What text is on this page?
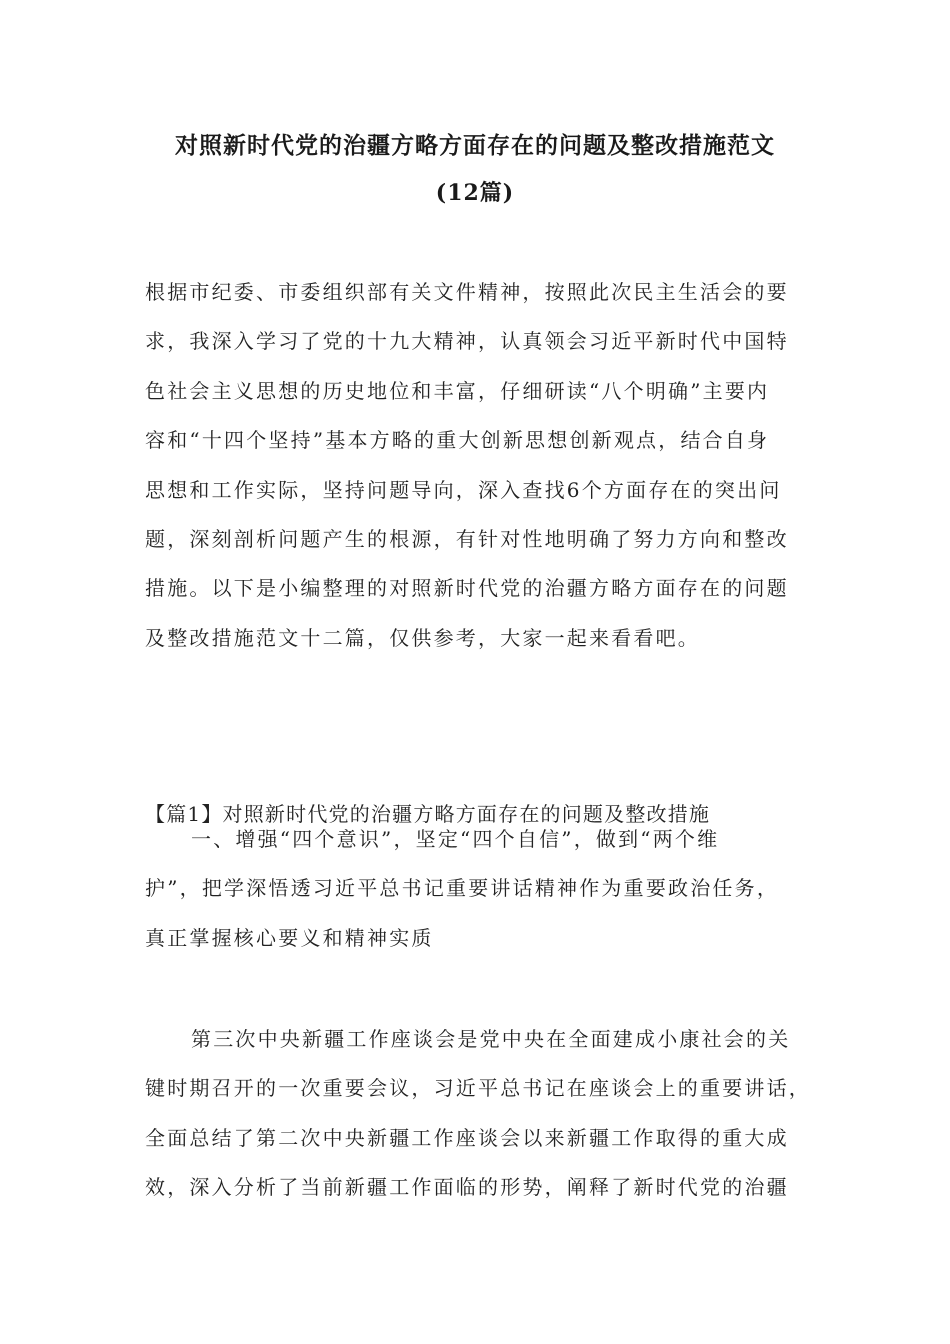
对照新时代党的治疆方略方面存在的问题及整改措施范文
(12篇)
根据市纪委、市委组织部有关文件精神，按照此次民主生活会的要
求，我深入学习了党的十九大精神，认真领会习近平新时代中国特
色社会主义思想的历史地位和丰富，仔细研读“八个明确”主要内
容和“十四个坚持”基本方略的重大创新思想创新观点，结合自身
思想和工作实际，坚持问题导向，深入查找6个方面存在的突出问
题，深刻剖析问题产生的根源，有针对性地明确了努力方向和整改
措施。以下是小编整理的对照新时代党的治疆方略方面存在的问题
及整改措施范文十二篇，仅供参考，大家一起来看看吧。
【篇1】对照新时代党的治疆方略方面存在的问题及整改措施
一、增强“四个意识”，坚定“四个自信”，做到“两个维
护”，把学深悟透习近平总书记重要讲话精神作为重要政治任务，
真正掌握核心要义和精神实质
第三次中央新疆工作座谈会是党中央在全面建成小康社会的关
键时期召开的一次重要会议，习近平总书记在座谈会上的重要讲话，
全面总结了第二次中央新疆工作座谈会以来新疆工作取得的重大成
效，深入分析了当前新疆工作面临的形势，阐释了新时代党的治疆
